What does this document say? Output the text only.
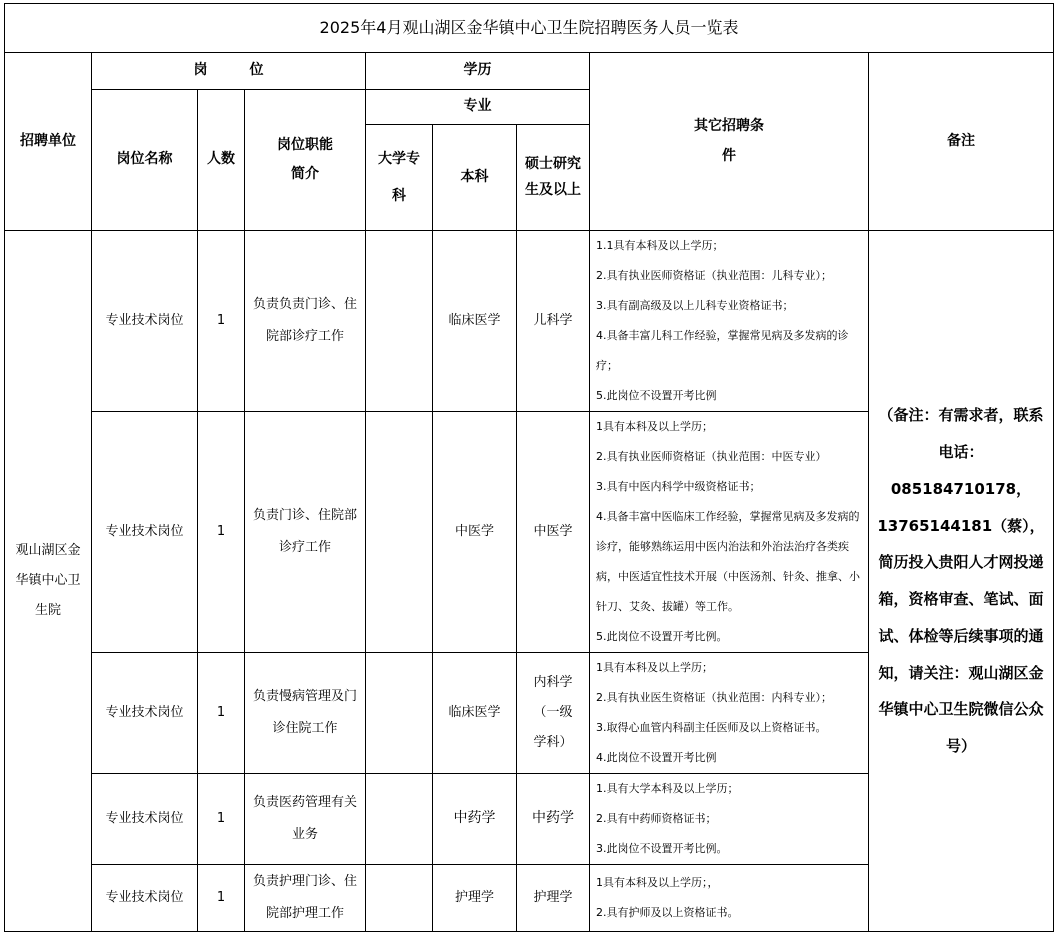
2025年4月观山湖区金华镇中心卫生院招聘医务人员一览表								
招聘单位	岗　　　位			学历			其它招聘条　　件	备注
	岗位名称	人数	岗位职能简介	专业				
				大学专科	本科	硕士研究生及以上		

观山湖区金华镇中心卫生院	专业技术岗位	1	负责负责门诊、住院部诊疗工作		临床医学	儿科学	1.1具有本科及以上学历；
2.具有执业医师资格证（执业范围：儿科专业）；
3.具有副高级及以上儿科专业资格证书；
4.具备丰富儿科工作经验，掌握常见病及多发病的诊疗；
5.此岗位不设置开考比例	（备注：有需求者，联系电话：085184710178，13765144181（蔡），简历投入贵阳人才网投递箱，资格审查、笔试、面试、体检等后续事项的通知，请关注：观山湖区金华镇中心卫生院微信公众号）
	专业技术岗位	1	负责门诊、住院部诊疗工作		中医学	中医学	1具有本科及以上学历；
2.具有执业医师资格证（执业范围：中医专业）
3.具有中医内科学中级资格证书；
4.具备丰富中医临床工作经验，掌握常见病及多发病的诊疗，能够熟练运用中医内治法和外治法治疗各类疾病，中医适宜性技术开展（中医汤剂、针灸、推拿、小针刀、艾灸、拔罐）等工作。
5.此岗位不设置开考比例。	

	专业技术岗位	1	负责慢病管理及门诊住院工作		临床医学	内科学（一级学科）	1具有本科及以上学历；
2.具有执业医生资格证（执业范围：内科专业）；
3.取得心血管内科副主任医师及以上资格证书。
4.此岗位不设置开考比例	

	专业技术岗位	1	负责医药管理有关业务		中药学	中药学	1.具有大学本科及以上学历；
2.具有中药师资格证书；
3.此岗位不设置开考比例。	

	专业技术岗位	1	负责护理门诊、住院部护理工作		护理学	护理学	1具有本科及以上学历；，
2.具有护师及以上资格证书。	
